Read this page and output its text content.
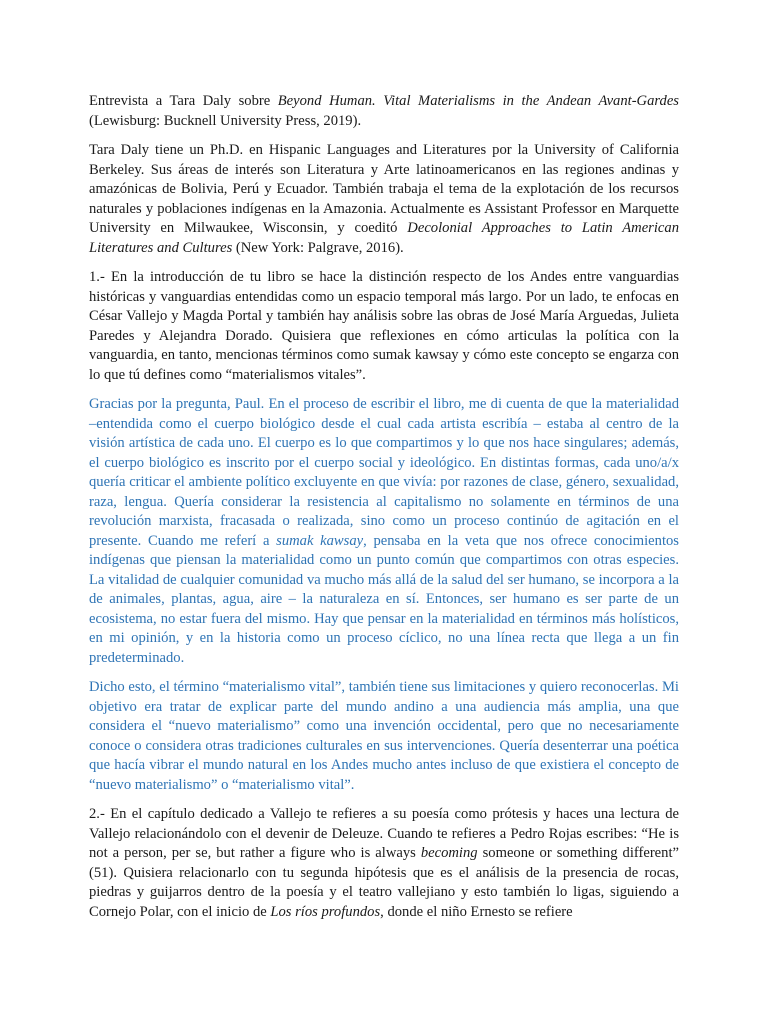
Entrevista a Tara Daly sobre Beyond Human. Vital Materialisms in the Andean Avant-Gardes (Lewisburg: Bucknell University Press, 2019).

Tara Daly tiene un Ph.D. en Hispanic Languages and Literatures por la University of California Berkeley. Sus áreas de interés son Literatura y Arte latinoamericanos en las regiones andinas y amazónicas de Bolivia, Perú y Ecuador. También trabaja el tema de la explotación de los recursos naturales y poblaciones indígenas en la Amazonia. Actualmente es Assistant Professor en Marquette University en Milwaukee, Wisconsin, y coeditó Decolonial Approaches to Latin American Literatures and Cultures (New York: Palgrave, 2016).

1.- En la introducción de tu libro se hace la distinción respecto de los Andes entre vanguardias históricas y vanguardias entendidas como un espacio temporal más largo. Por un lado, te enfocas en César Vallejo y Magda Portal y también hay análisis sobre las obras de José María Arguedas, Julieta Paredes y Alejandra Dorado. Quisiera que reflexiones en cómo articulas la política con la vanguardia, en tanto, mencionas términos como sumak kawsay y cómo este concepto se engarza con lo que tú defines como “materialismos vitales”.

Gracias por la pregunta, Paul. En el proceso de escribir el libro, me di cuenta de que la materialidad –entendida como el cuerpo biológico desde el cual cada artista escribía – estaba al centro de la visión artística de cada uno. El cuerpo es lo que compartimos y lo que nos hace singulares; además, el cuerpo biológico es inscrito por el cuerpo social y ideológico. En distintas formas, cada uno/a/x quería criticar el ambiente político excluyente en que vivía: por razones de clase, género, sexualidad, raza, lengua. Quería considerar la resistencia al capitalismo no solamente en términos de una revolución marxista, fracasada o realizada, sino como un proceso continúo de agitación en el presente. Cuando me referí a sumak kawsay, pensaba en la veta que nos ofrece conocimientos indígenas que piensan la materialidad como un punto común que compartimos con otras especies. La vitalidad de cualquier comunidad va mucho más allá de la salud del ser humano, se incorpora a la de animales, plantas, agua, aire – la naturaleza en sí. Entonces, ser humano es ser parte de un ecosistema, no estar fuera del mismo. Hay que pensar en la materialidad en términos más holísticos, en mi opinión, y en la historia como un proceso cíclico, no una línea recta que llega a un fin predeterminado.

Dicho esto, el término “materialismo vital”, también tiene sus limitaciones y quiero reconocerlas. Mi objetivo era tratar de explicar parte del mundo andino a una audiencia más amplia, una que considera el “nuevo materialismo” como una invención occidental, pero que no necesariamente conoce o considera otras tradiciones culturales en sus intervenciones. Quería desenterrar una poética que hacía vibrar el mundo natural en los Andes mucho antes incluso de que existiera el concepto de “nuevo materialismo” o “materialismo vital”.

2.- En el capítulo dedicado a Vallejo te refieres a su poesía como prótesis y haces una lectura de Vallejo relacionándolo con el devenir de Deleuze. Cuando te refieres a Pedro Rojas escribes: “He is not a person, per se, but rather a figure who is always becoming someone or something different” (51). Quisiera relacionarlo con tu segunda hipótesis que es el análisis de la presencia de rocas, piedras y guijarros dentro de la poesía y el teatro vallejiano y esto también lo ligas, siguiendo a Cornejo Polar, con el inicio de Los ríos profundos, donde el niño Ernesto se refiere
